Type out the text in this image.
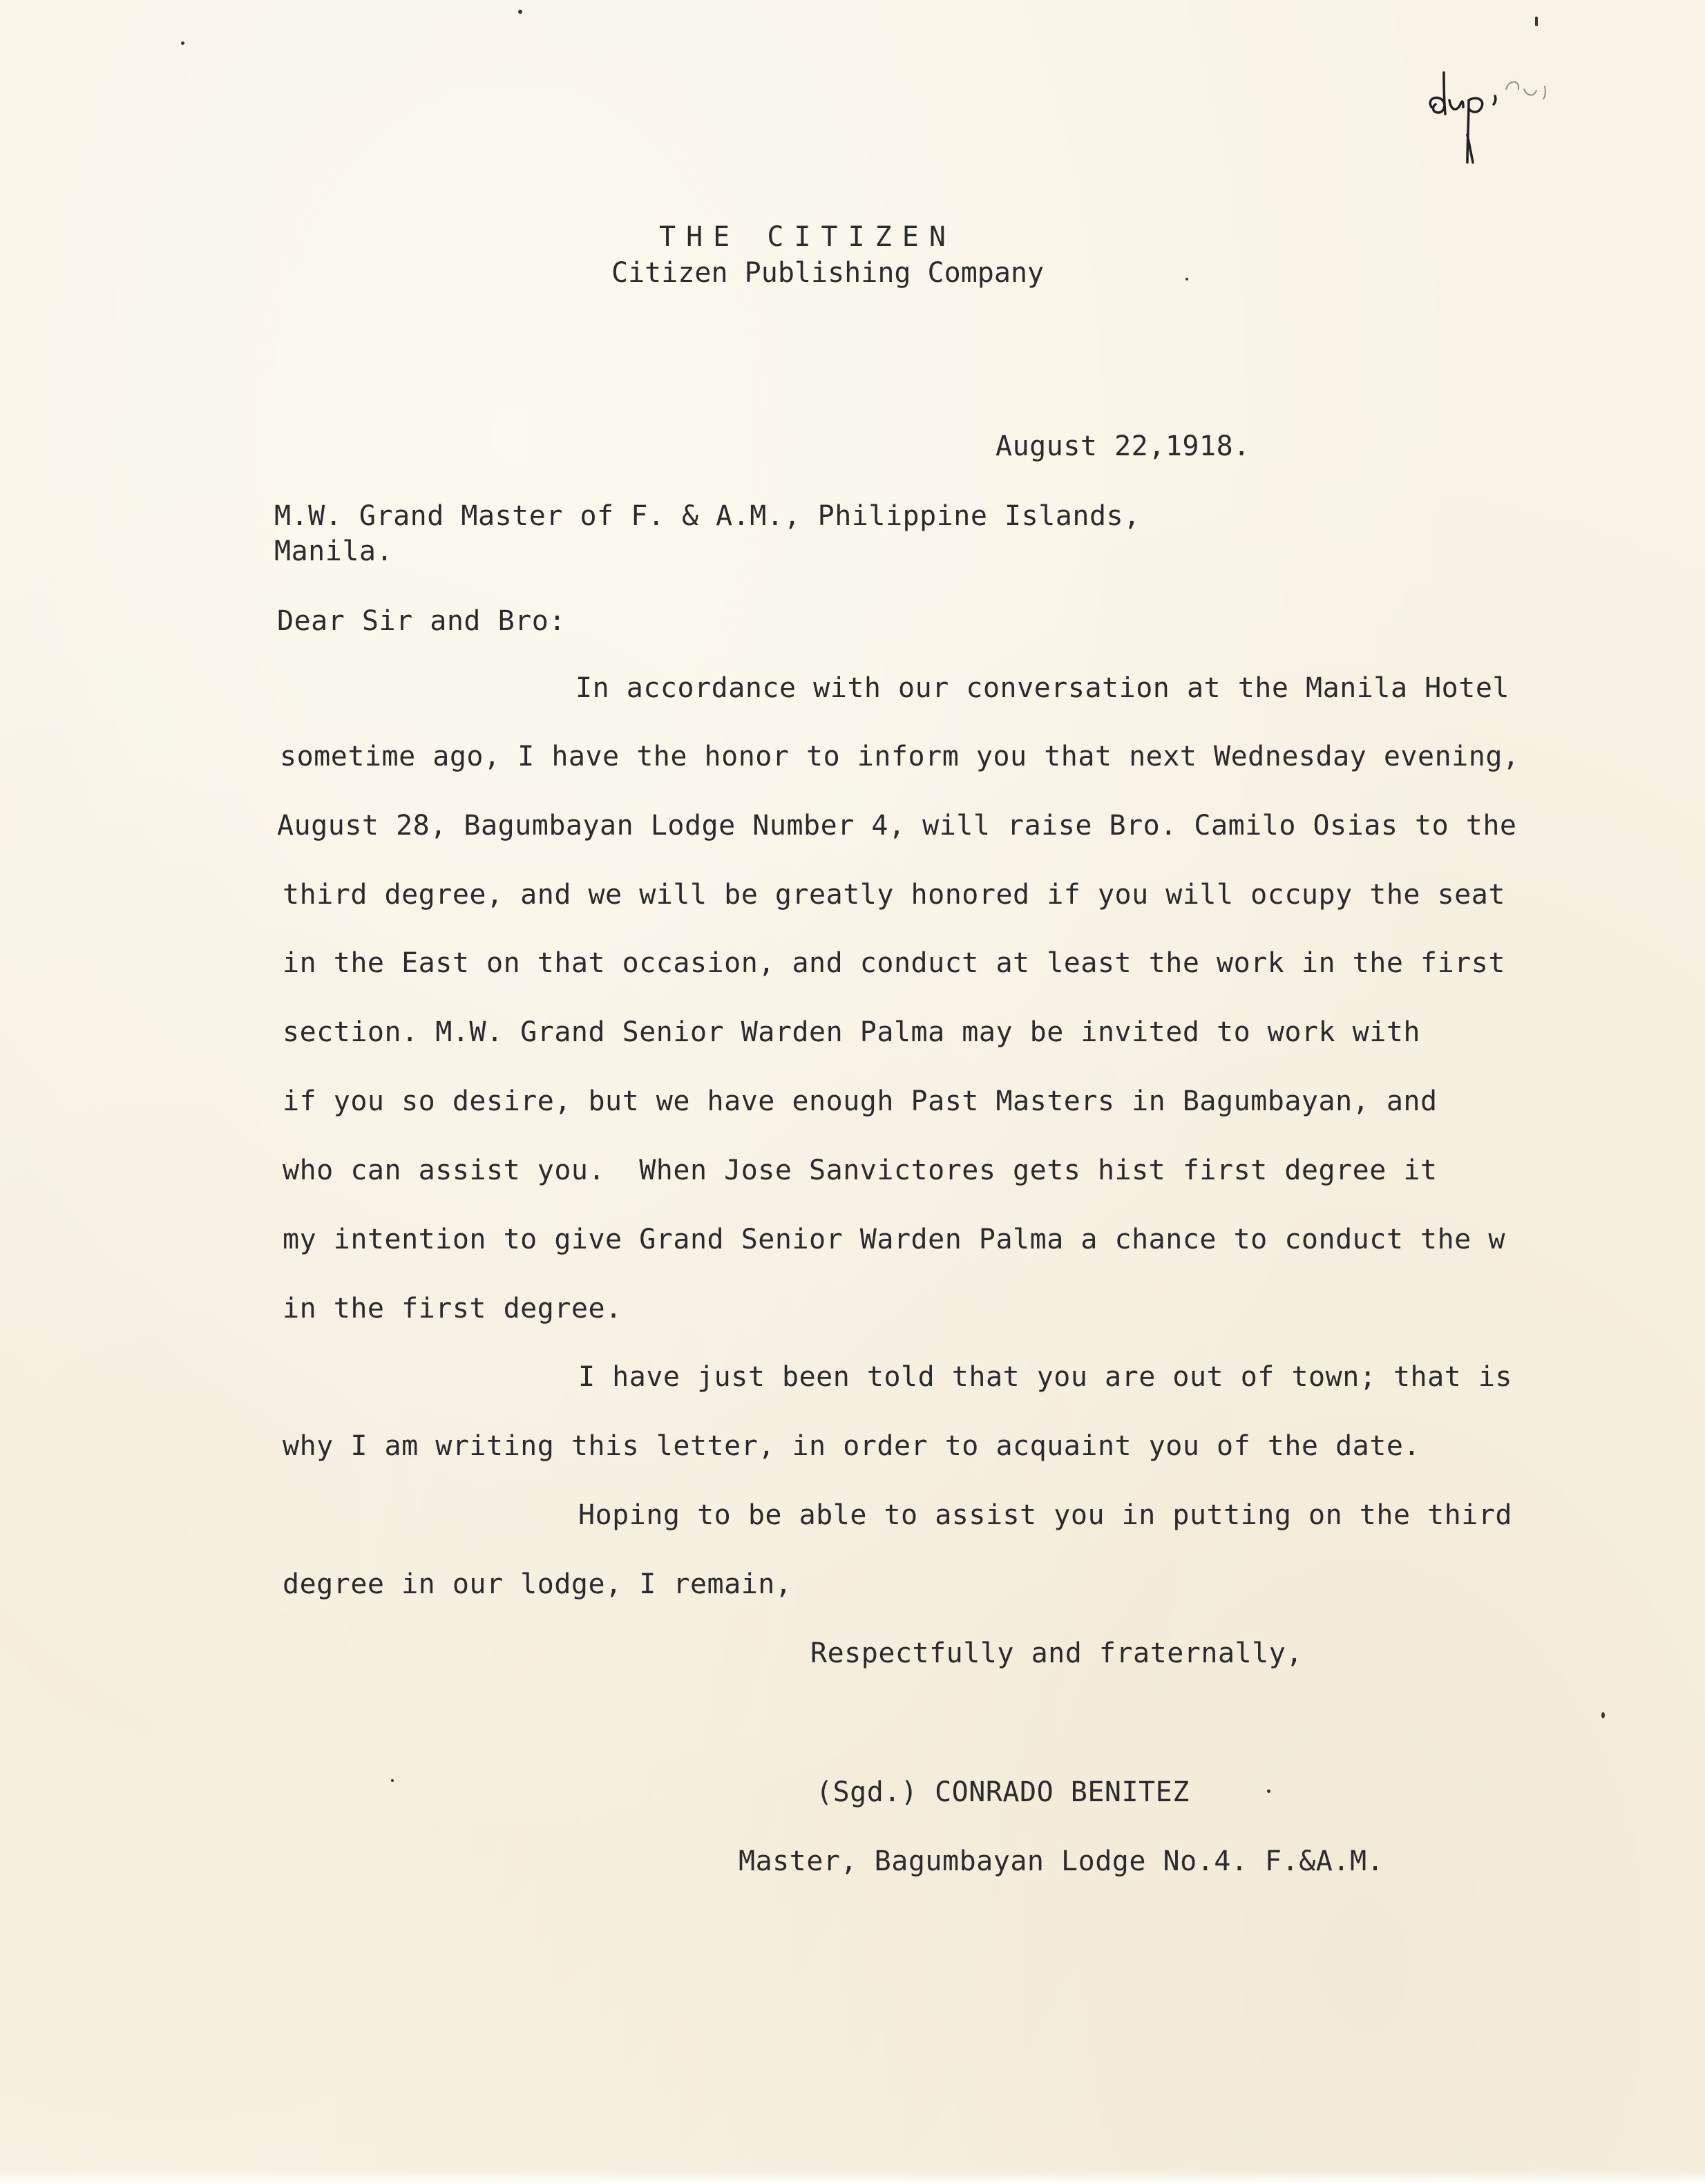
THE CITIZEN
Citizen Publishing Company
August 22,1918.
M.W. Grand Master of F. & A.M., Philippine Islands,
Manila.
Dear Sir and Bro:
In accordance with our conversation at the Manila Hotel
sometime ago, I have the honor to inform you that next Wednesday evening,
August 28, Bagumbayan Lodge Number 4, will raise Bro. Camilo Osias to the
third degree, and we will be greatly honored if you will occupy the seat
in the East on that occasion, and conduct at least the work in the first
section. M.W. Grand Senior Warden Palma may be invited to work with
if you so desire, but we have enough Past Masters in Bagumbayan, and
who can assist you.  When Jose Sanvictores gets hist first degree it
my intention to give Grand Senior Warden Palma a chance to conduct the w
in the first degree.
I have just been told that you are out of town; that is
why I am writing this letter, in order to acquaint you of the date.
Hoping to be able to assist you in putting on the third
degree in our lodge, I remain,
Respectfully and fraternally,
(Sgd.) CONRADO BENITEZ
Master, Bagumbayan Lodge No.4. F.&A.M.
